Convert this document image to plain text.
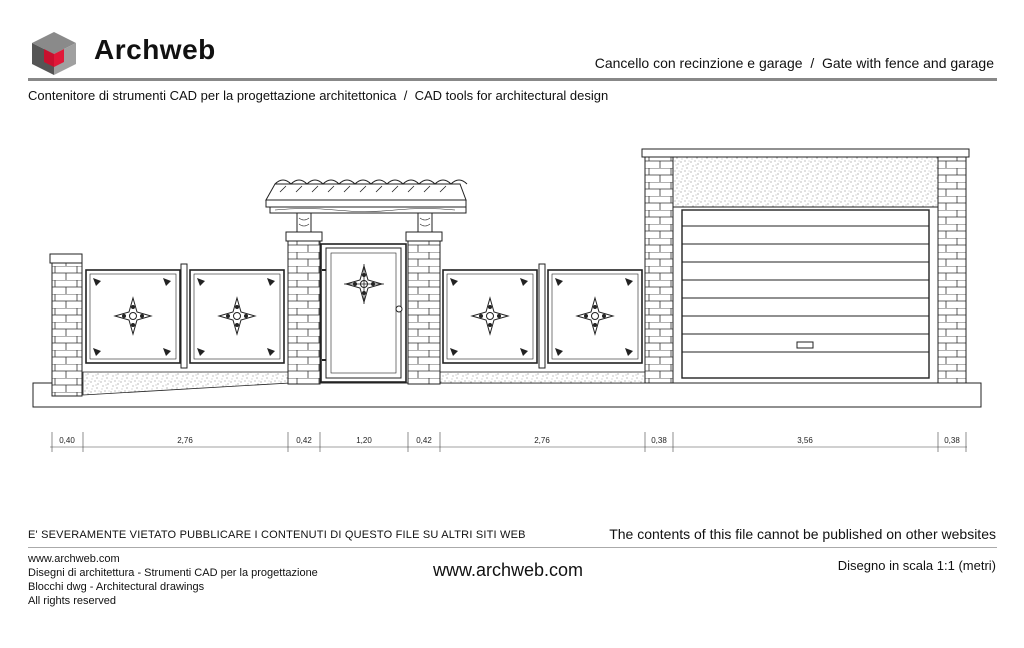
Archweb	Cancello con recinzione e garage  /  Gate with fence and garage
Contenitore di strumenti CAD per la progettazione architettonica  /  CAD tools for architectural design
0,40	2,76	0,42	1,20	0,42	2,76	0,38	3,56	0,38
E' SEVERAMENTE VIETATO PUBBLICARE I CONTENUTI DI QUESTO FILE SU ALTRI SITI WEB	The contents of this file cannot be published on other websites
www.archweb.com
Disegni di architettura - Strumenti CAD per la progettazione
Blocchi dwg - Architectural drawings
All rights reserved
www.archweb.com	Disegno in scala 1:1 (metri)
